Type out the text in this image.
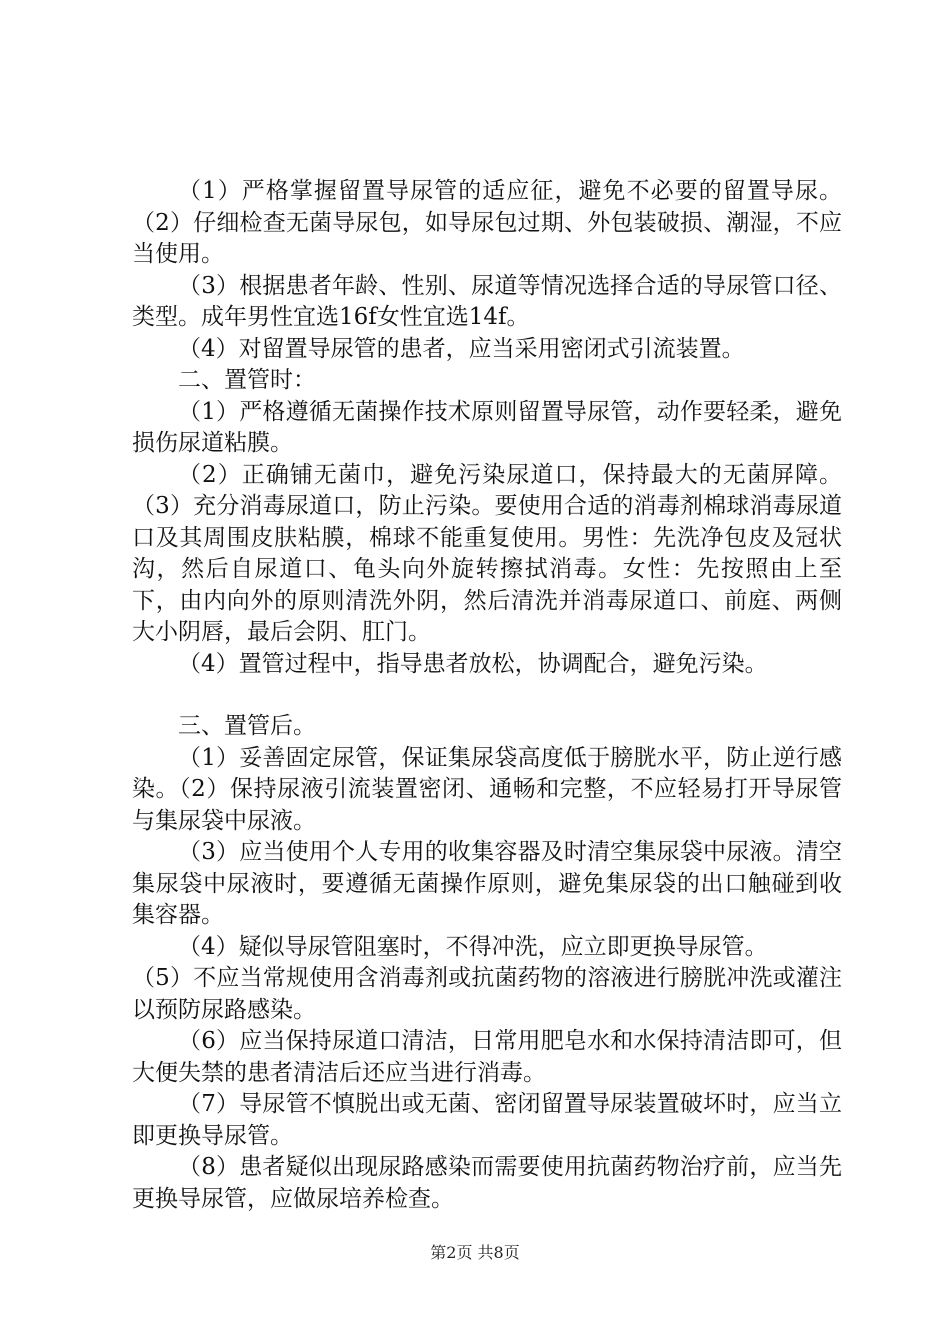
（1）严格掌握留置导尿管的适应征，避免不必要的留置导尿。（2）仔细检查无菌导尿包，如导尿包过期、外包装破损、潮湿，不应当使用。

（3）根据患者年龄、性别、尿道等情况选择合适的导尿管口径、类型。成年男性宜选16f女性宜选14f。

（4）对留置导尿管的患者，应当采用密闭式引流装置。

二、置管时：

（1）严格遵循无菌操作技术原则留置导尿管，动作要轻柔，避免损伤尿道粘膜。

（2）正确铺无菌巾，避免污染尿道口，保持最大的无菌屏障。（3）充分消毒尿道口，防止污染。要使用合适的消毒剂棉球消毒尿道口及其周围皮肤粘膜，棉球不能重复使用。男性：先洗净包皮及冠状沟，然后自尿道口、龟头向外旋转擦拭消毒。女性：先按照由上至下，由内向外的原则清洗外阴，然后清洗并消毒尿道口、前庭、两侧大小阴唇，最后会阴、肛门。

（4）置管过程中，指导患者放松，协调配合，避免污染。

三、置管后。

（1）妥善固定尿管，保证集尿袋高度低于膀胱水平，防止逆行感染。（2）保持尿液引流装置密闭、通畅和完整，不应轻易打开导尿管与集尿袋中尿液。

（3）应当使用个人专用的收集容器及时清空集尿袋中尿液。清空集尿袋中尿液时，要遵循无菌操作原则，避免集尿袋的出口触碰到收集容器。

（4）疑似导尿管阻塞时，不得冲洗，应立即更换导尿管。

（5）不应当常规使用含消毒剂或抗菌药物的溶液进行膀胱冲洗或灌注以预防尿路感染。

（6）应当保持尿道口清洁，日常用肥皂水和水保持清洁即可，但大便失禁的患者清洁后还应当进行消毒。

（7）导尿管不慎脱出或无菌、密闭留置导尿装置破坏时，应当立即更换导尿管。

（8）患者疑似出现尿路感染而需要使用抗菌药物治疗前，应当先更换导尿管，应做尿培养检查。

第2页 共8页
